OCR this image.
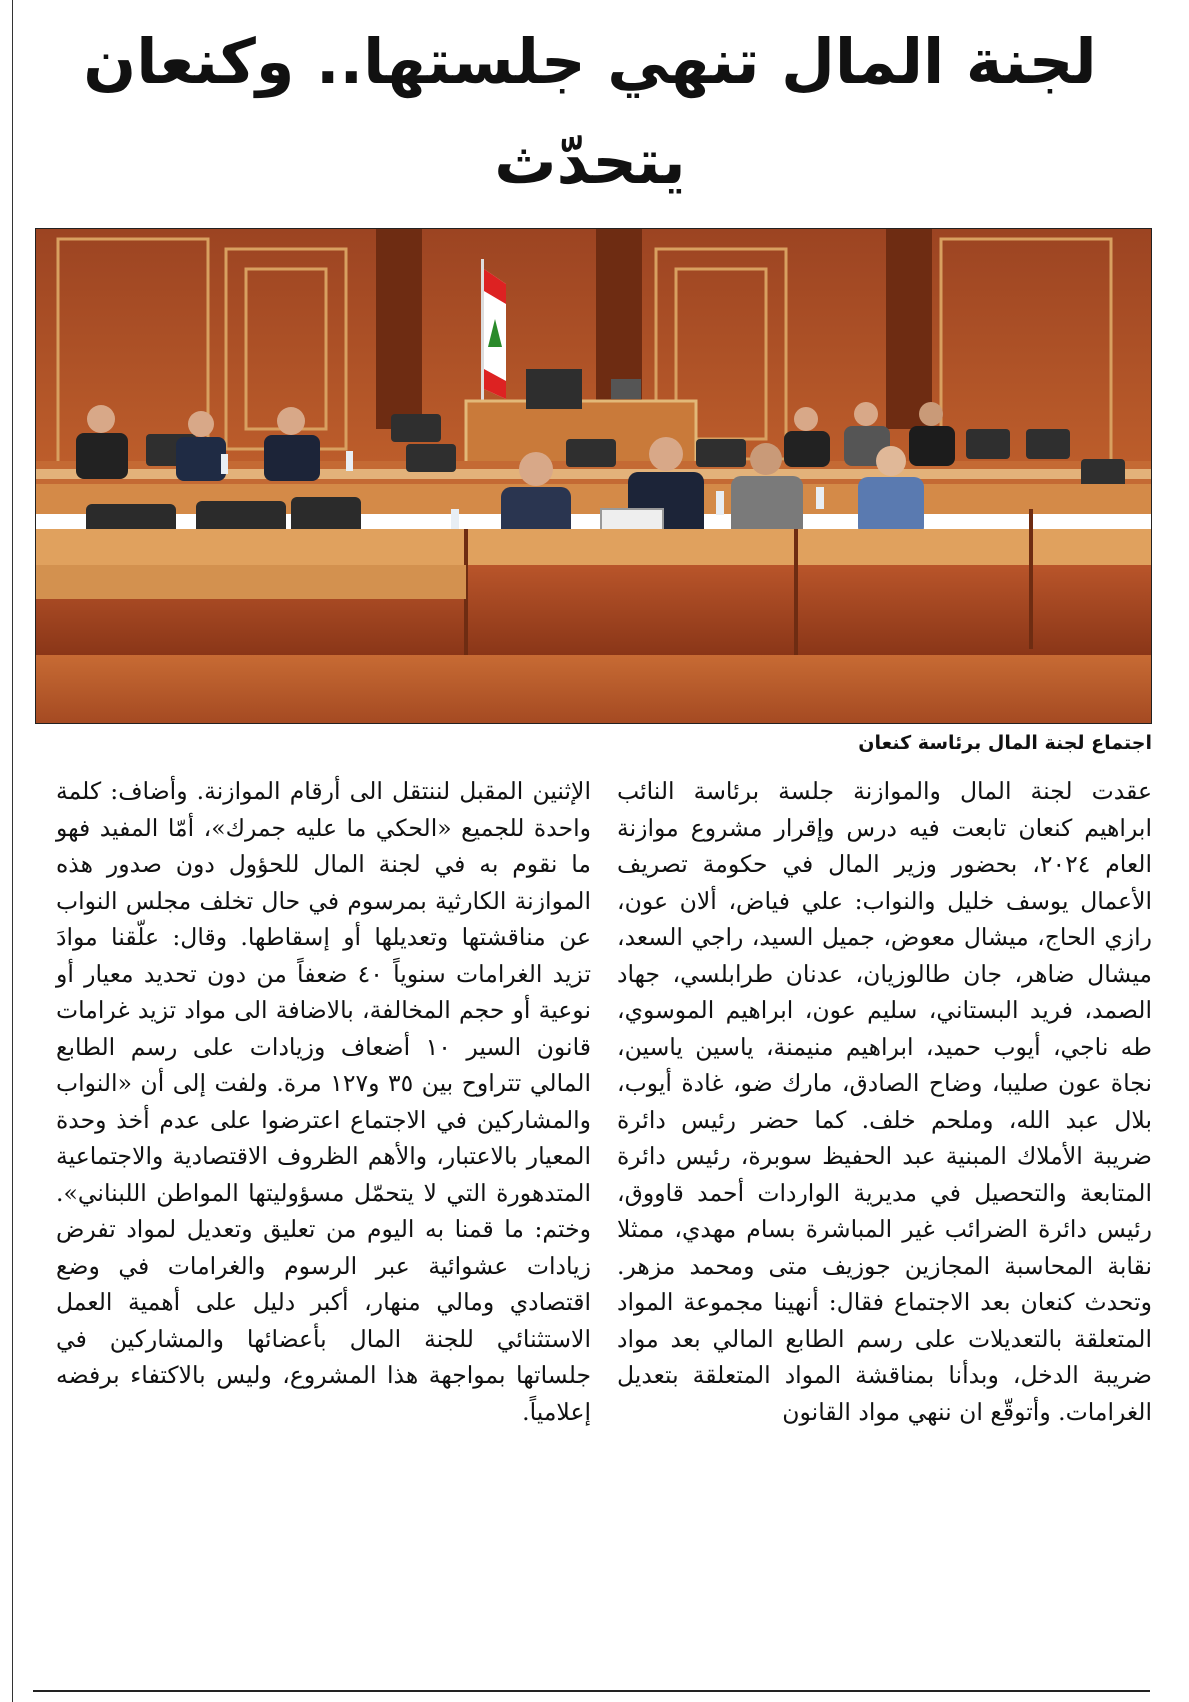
لجنة المال تنهي جلستها.. وكنعان يتحدّث
اجتماع لجنة المال برئاسة كنعان
عقدت لجنة المال والموازنة جلسة برئاسة النائب ابراهيم كنعان تابعت فيه درس وإقرار مشروع موازنة العام ٢٠٢٤، بحضور وزير المال في حكومة تصريف الأعمال يوسف خليل والنواب: علي فياض، ألان عون، رازي الحاج، ميشال معوض، جميل السيد، راجي السعد، ميشال ضاهر، جان طالوزيان، عدنان طرابلسي، جهاد الصمد، فريد البستاني، سليم عون، ابراهيم الموسوي، طه ناجي، أيوب حميد، ابراهيم منيمنة، ياسين ياسين، نجاة عون صليبا، وضاح الصادق، مارك ضو، غادة أيوب، بلال عبد الله، وملحم خلف. كما حضر رئيس دائرة ضريبة الأملاك المبنية عبد الحفيظ سوبرة، رئيس دائرة المتابعة والتحصيل في مديرية الواردات أحمد قاووق، رئيس دائرة الضرائب غير المباشرة بسام مهدي، ممثلا نقابة المحاسبة المجازين جوزيف متى ومحمد مزهر. وتحدث كنعان بعد الاجتماع فقال: أنهينا مجموعة المواد المتعلقة بالتعديلات على رسم الطابع المالي بعد مواد ضريبة الدخل، وبدأنا بمناقشة المواد المتعلقة بتعديل الغرامات. وأتوقّع ان ننهي مواد القانون
الإثنين المقبل لننتقل الى أرقام الموازنة. وأضاف: كلمة واحدة للجميع «الحكي ما عليه جمرك»، أمّا المفيد فهو ما نقوم به في لجنة المال للحؤول دون صدور هذه الموازنة الكارثية بمرسوم في حال تخلف مجلس النواب عن مناقشتها وتعديلها أو إسقاطها. وقال: علّقنا موادَ تزيد الغرامات سنوياً ٤٠ ضعفاً من دون تحديد معيار أو نوعية أو حجم المخالفة، بالاضافة الى مواد تزيد غرامات قانون السير ١٠ أضعاف وزيادات على رسم الطابع المالي تتراوح بين ٣٥ و١٢٧ مرة. ولفت إلى أن «النواب والمشاركين في الاجتماع اعترضوا على عدم أخذ وحدة المعيار بالاعتبار، والأهم الظروف الاقتصادية والاجتماعية المتدهورة التي لا يتحمّل مسؤوليتها المواطن اللبناني». وختم: ما قمنا به اليوم من تعليق وتعديل لمواد تفرض زيادات عشوائية عبر الرسوم والغرامات في وضع اقتصادي ومالي منهار، أكبر دليل على أهمية العمل الاستثنائي للجنة المال بأعضائها والمشاركين في جلساتها بمواجهة هذا المشروع، وليس بالاكتفاء برفضه إعلامياً.
